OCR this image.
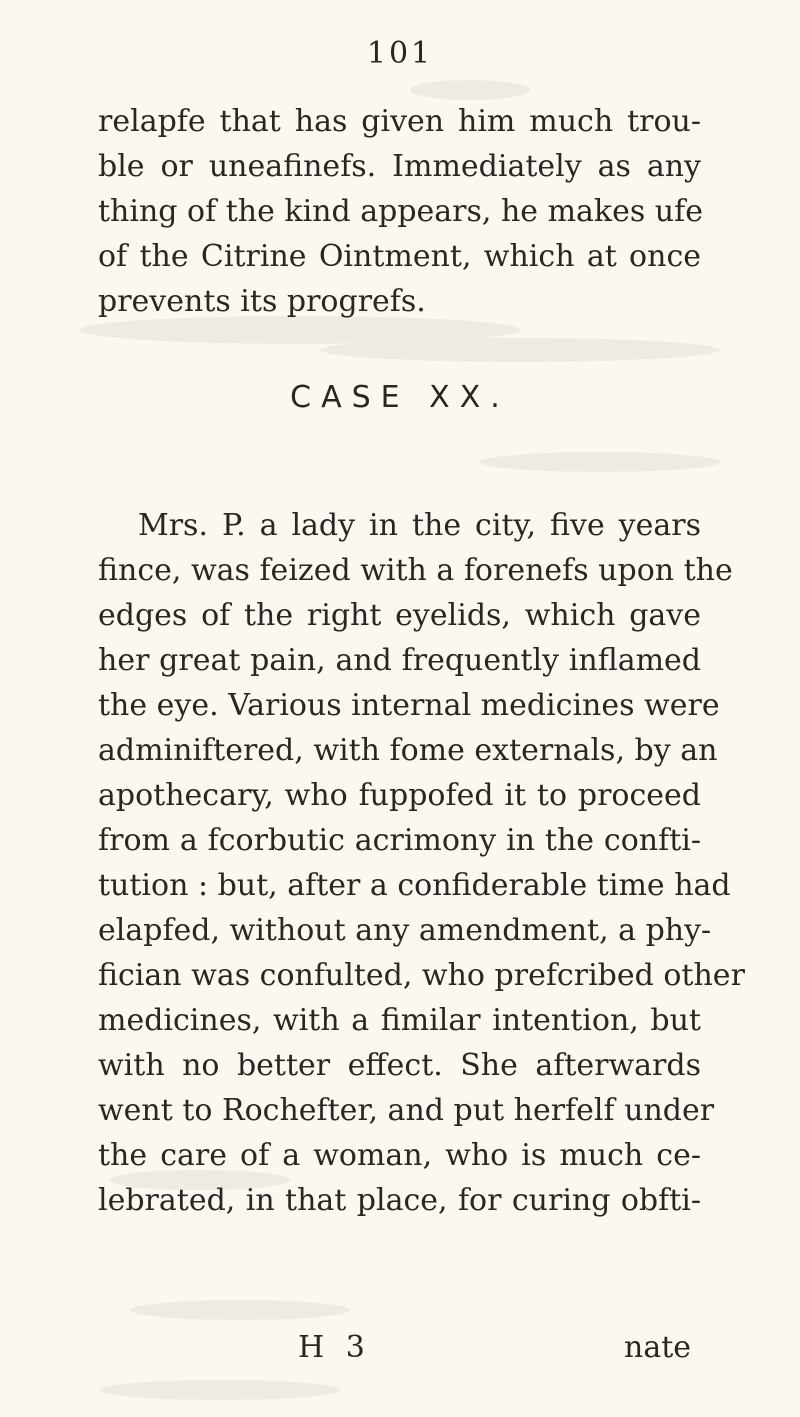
101
relapfe that has given him much trou-
ble or uneafinefs. Immediately as any
thing of the kind appears, he makes ufe
of the Citrine Ointment, which at once
prevents its progrefs.
CASE XX.
Mrs. P. a lady in the city, five years
fince, was feized with a forenefs upon the
edges of the right eyelids, which gave
her great pain, and frequently inflamed
the eye. Various internal medicines were
adminiftered, with fome externals, by an
apothecary, who fuppofed it to proceed
from a fcorbutic acrimony in the confti-
tution : but, after a confiderable time had
elapfed, without any amendment, a phy-
fician was confulted, who prefcribed other
medicines, with a fimilar intention, but
with no better effect. She afterwards
went to Rochefter, and put herfelf under
the care of a woman, who is much ce-
lebrated, in that place, for curing obfti-
H 3	nate
